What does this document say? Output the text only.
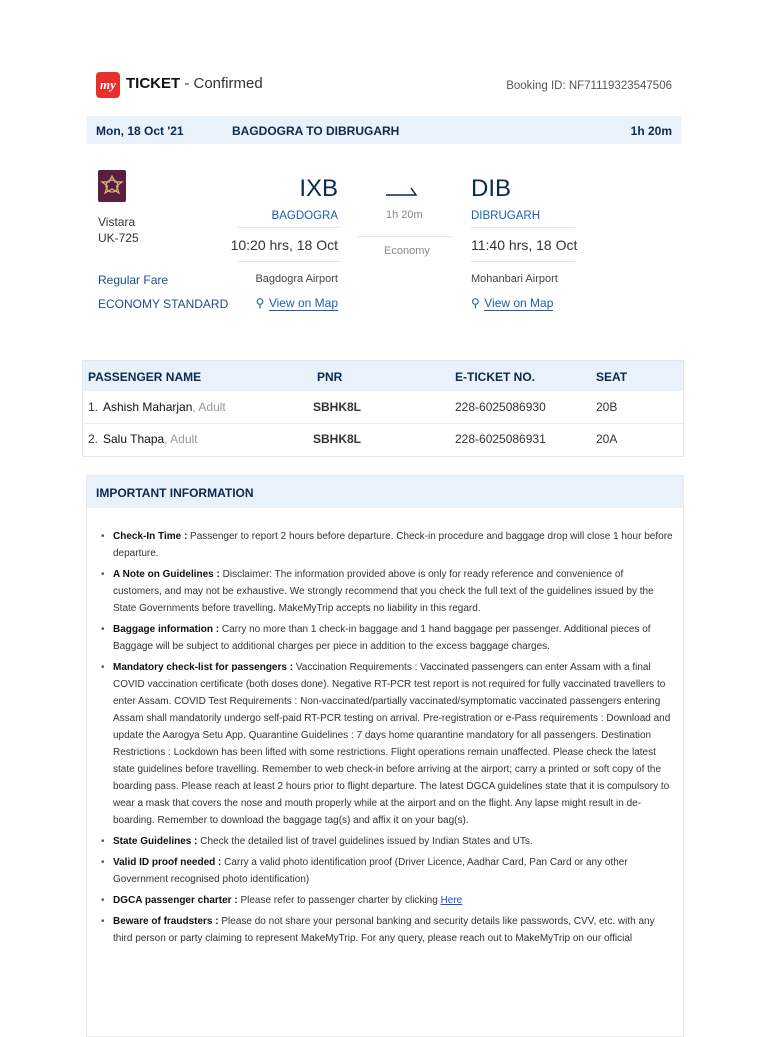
my TICKET - Confirmed	Booking ID: NF71119323547506
Mon, 18 Oct '21	BAGDOGRA TO DIBRUGARH	1h 20m
Vistara
UK-725
Regular Fare
ECONOMY STANDARD
IXB
BAGDOGRA
10:20 hrs, 18 Oct
Bagdogra Airport
⚲ View on Map
1h 20m
Economy
DIB
DIBRUGARH
11:40 hrs, 18 Oct
Mohanbari Airport
⚲ View on Map
PASSENGER NAME	PNR	E-TICKET NO.	SEAT
1. Ashish Maharjan, Adult	SBHK8L	228-6025086930	20B
2. Salu Thapa, Adult	SBHK8L	228-6025086931	20A
IMPORTANT INFORMATION
• Check-In Time : Passenger to report 2 hours before departure. Check-in procedure and baggage drop will close 1 hour before departure.
• A Note on Guidelines : Disclaimer: The information provided above is only for ready reference and convenience of customers, and may not be exhaustive. We strongly recommend that you check the full text of the guidelines issued by the State Governments before travelling. MakeMyTrip accepts no liability in this regard.
• Baggage information : Carry no more than 1 check-in baggage and 1 hand baggage per passenger. Additional pieces of Baggage will be subject to additional charges per piece in addition to the excess baggage charges.
• Mandatory check-list for passengers : Vaccination Requirements : Vaccinated passengers can enter Assam with a final COVID vaccination certificate (both doses done). Negative RT-PCR test report is not required for fully vaccinated travellers to enter Assam. COVID Test Requirements : Non-vaccinated/partially vaccinated/symptomatic vaccinated passengers entering Assam shall mandatorily undergo self-paid RT-PCR testing on arrival. Pre-registration or e-Pass requirements : Download and update the Aarogya Setu App. Quarantine Guidelines : 7 days home quarantine mandatory for all passengers. Destination Restrictions : Lockdown has been lifted with some restrictions. Flight operations remain unaffected. Please check the latest state guidelines before travelling. Remember to web check-in before arriving at the airport; carry a printed or soft copy of the boarding pass. Please reach at least 2 hours prior to flight departure. The latest DGCA guidelines state that it is compulsory to wear a mask that covers the nose and mouth properly while at the airport and on the flight. Any lapse might result in de-boarding. Remember to download the baggage tag(s) and affix it on your bag(s).
• State Guidelines : Check the detailed list of travel guidelines issued by Indian States and UTs.
• Valid ID proof needed : Carry a valid photo identification proof (Driver Licence, Aadhar Card, Pan Card or any other Government recognised photo identification)
• DGCA passenger charter : Please refer to passenger charter by clicking Here
• Beware of fraudsters : Please do not share your personal banking and security details like passwords, CVV, etc. with any third person or party claiming to represent MakeMyTrip. For any query, please reach out to MakeMyTrip on our official
